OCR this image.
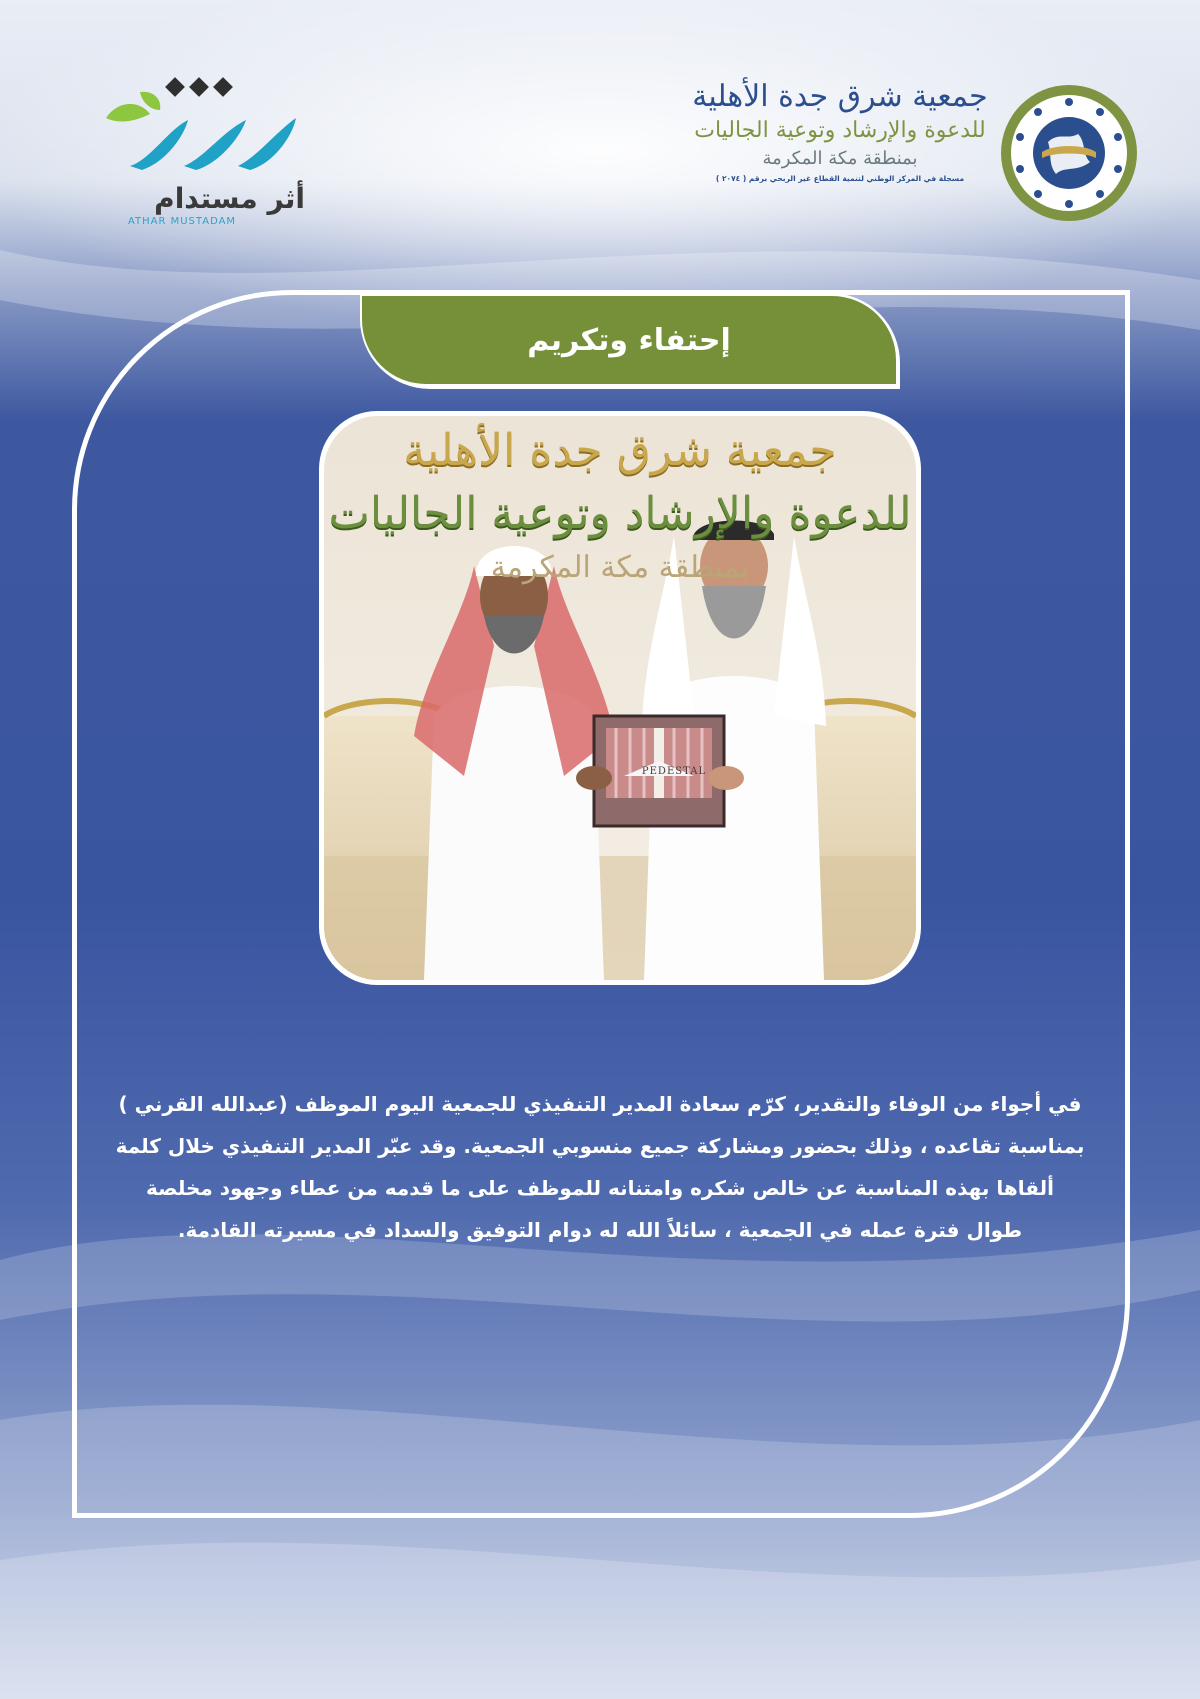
أثر مستدام
ATHAR MUSTADAM
جمعية شرق جدة الأهلية
للدعوة والإرشاد وتوعية الجاليات
بمنطقة مكة المكرمة
مسجلة في المركز الوطني لتنمية القطاع غير الربحي برقم ( ٢٠٧٤ )
إحتفاء وتكريم
جمعية شرق جدة الأهلية
للدعوة والإرشاد وتوعية الجاليات
بمنطقة مكة المكرمة
PEDESTAL
في أجواء من الوفاء والتقدير، كرّم سعادة المدير التنفيذي للجمعية اليوم الموظف (عبدالله القرني )
بمناسبة تقاعده ، وذلك بحضور ومشاركة جميع منسوبي الجمعية. وقد عبّر المدير التنفيذي خلال كلمة
ألقاها بهذه المناسبة عن خالص شكره وامتنانه للموظف على ما قدمه من عطاء وجهود مخلصة
طوال فترة عمله في الجمعية ، سائلاً الله له دوام التوفيق والسداد في مسيرته القادمة.
